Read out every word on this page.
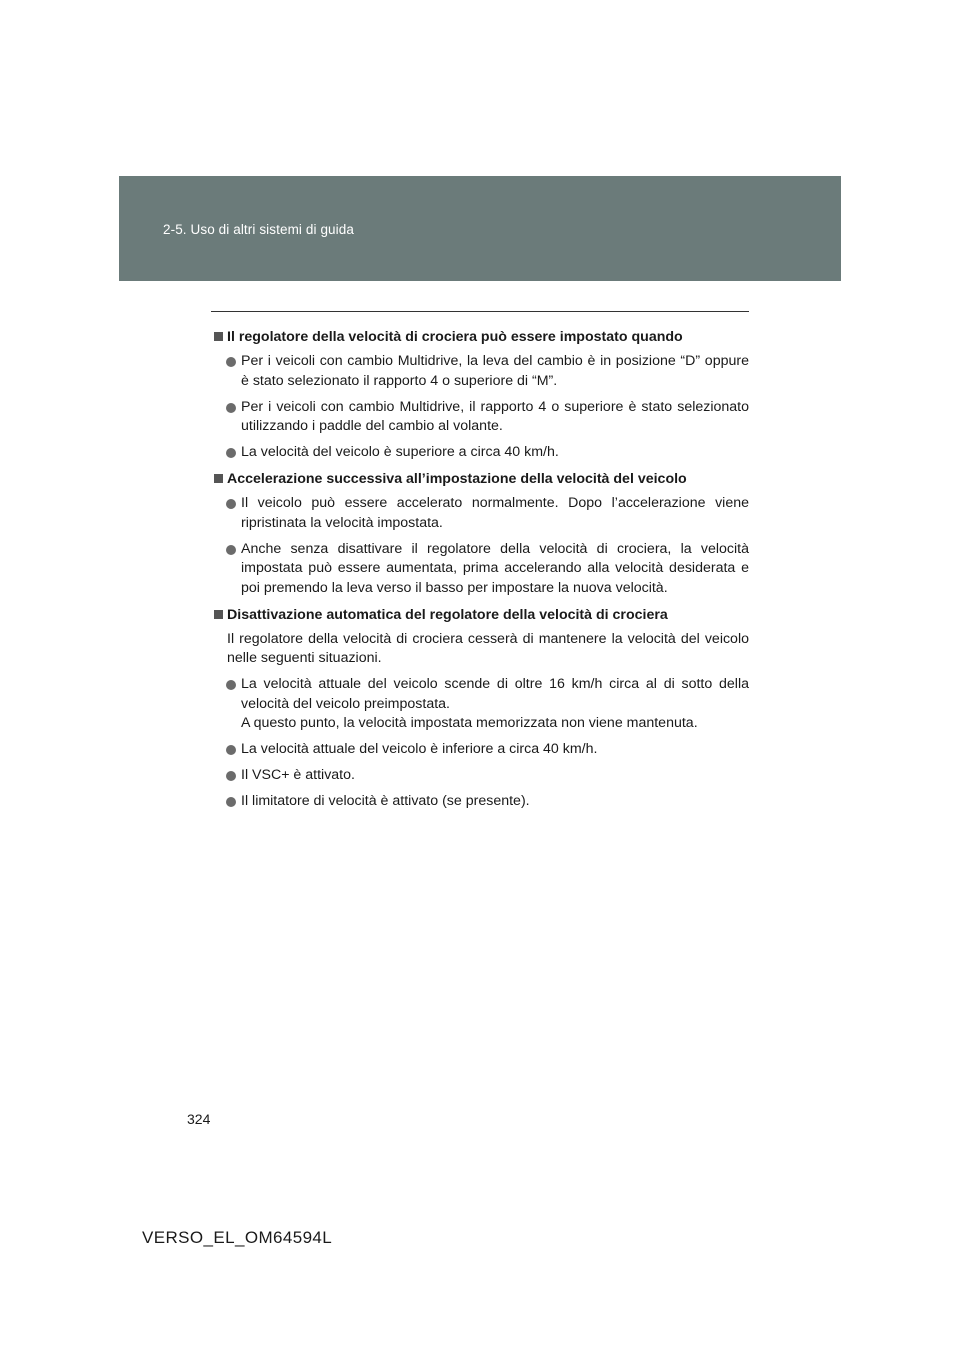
2-5. Uso di altri sistemi di guida
Il regolatore della velocità di crociera può essere impostato quando
Per i veicoli con cambio Multidrive, la leva del cambio è in posizione “D” oppure è stato selezionato il rapporto 4 o superiore di “M”.
Per i veicoli con cambio Multidrive, il rapporto 4 o superiore è stato selezionato utilizzando i paddle del cambio al volante.
La velocità del veicolo è superiore a circa 40 km/h.
Accelerazione successiva all’impostazione della velocità del veicolo
Il veicolo può essere accelerato normalmente. Dopo l’accelerazione viene ripristinata la velocità impostata.
Anche senza disattivare il regolatore della velocità di crociera, la velocità impostata può essere aumentata, prima accelerando alla velocità desiderata e poi premendo la leva verso il basso per impostare la nuova velocità.
Disattivazione automatica del regolatore della velocità di crociera
Il regolatore della velocità di crociera cesserà di mantenere la velocità del veicolo nelle seguenti situazioni.
La velocità attuale del veicolo scende di oltre 16 km/h circa al di sotto della velocità del veicolo preimpostata.
A questo punto, la velocità impostata memorizzata non viene mantenuta.
La velocità attuale del veicolo è inferiore a circa 40 km/h.
Il VSC+ è attivato.
Il limitatore di velocità è attivato (se presente).
324
VERSO_EL_OM64594L
